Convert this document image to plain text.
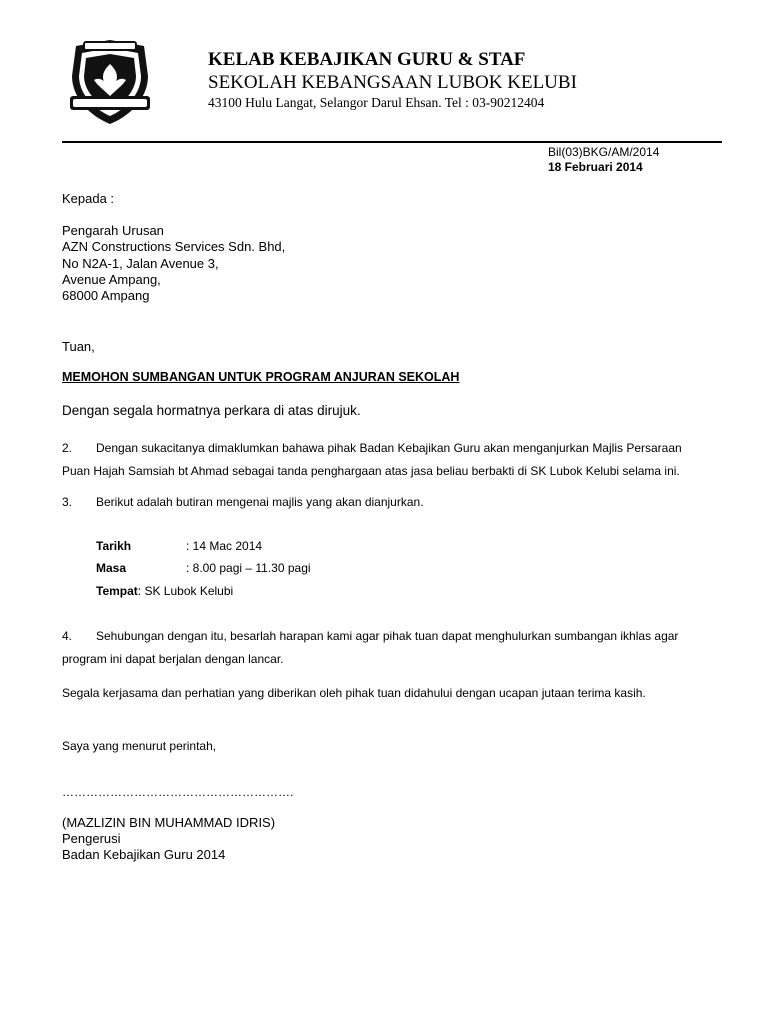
KELAB KEBAJIKAN GURU & STAF
SEKOLAH KEBANGSAAN LUBOK KELUBI
43100 Hulu Langat, Selangor Darul Ehsan. Tel : 03-90212404
Bil(03)BKG/AM/2014
18 Februari 2014
Kepada :
Pengarah Urusan
AZN Constructions Services Sdn. Bhd,
No N2A-1, Jalan Avenue 3,
Avenue Ampang,
68000 Ampang
Tuan,
MEMOHON SUMBANGAN UNTUK PROGRAM ANJURAN SEKOLAH
Dengan segala hormatnya perkara di atas dirujuk.
2. Dengan sukacitanya dimaklumkan bahawa pihak Badan Kebajikan Guru akan menganjurkan Majlis Persaraan
Puan Hajah Samsiah bt Ahmad sebagai tanda penghargaan atas jasa beliau berbakti di SK Lubok Kelubi selama ini.
3. Berikut adalah butiran mengenai majlis yang akan dianjurkan.
Tarikh	: 14 Mac 2014
Masa	: 8.00 pagi – 11.30 pagi
Tempat: SK Lubok Kelubi
4. Sehubungan dengan itu, besarlah harapan kami agar pihak tuan dapat menghulurkan sumbangan ikhlas agar
program ini dapat berjalan dengan lancar.
Segala kerjasama dan perhatian yang diberikan oleh pihak tuan didahului dengan ucapan jutaan terima kasih.
Saya yang menurut perintah,
………………………………………………….
(MAZLIZIN BIN MUHAMMAD IDRIS)
Pengerusi
Badan Kebajikan Guru 2014
